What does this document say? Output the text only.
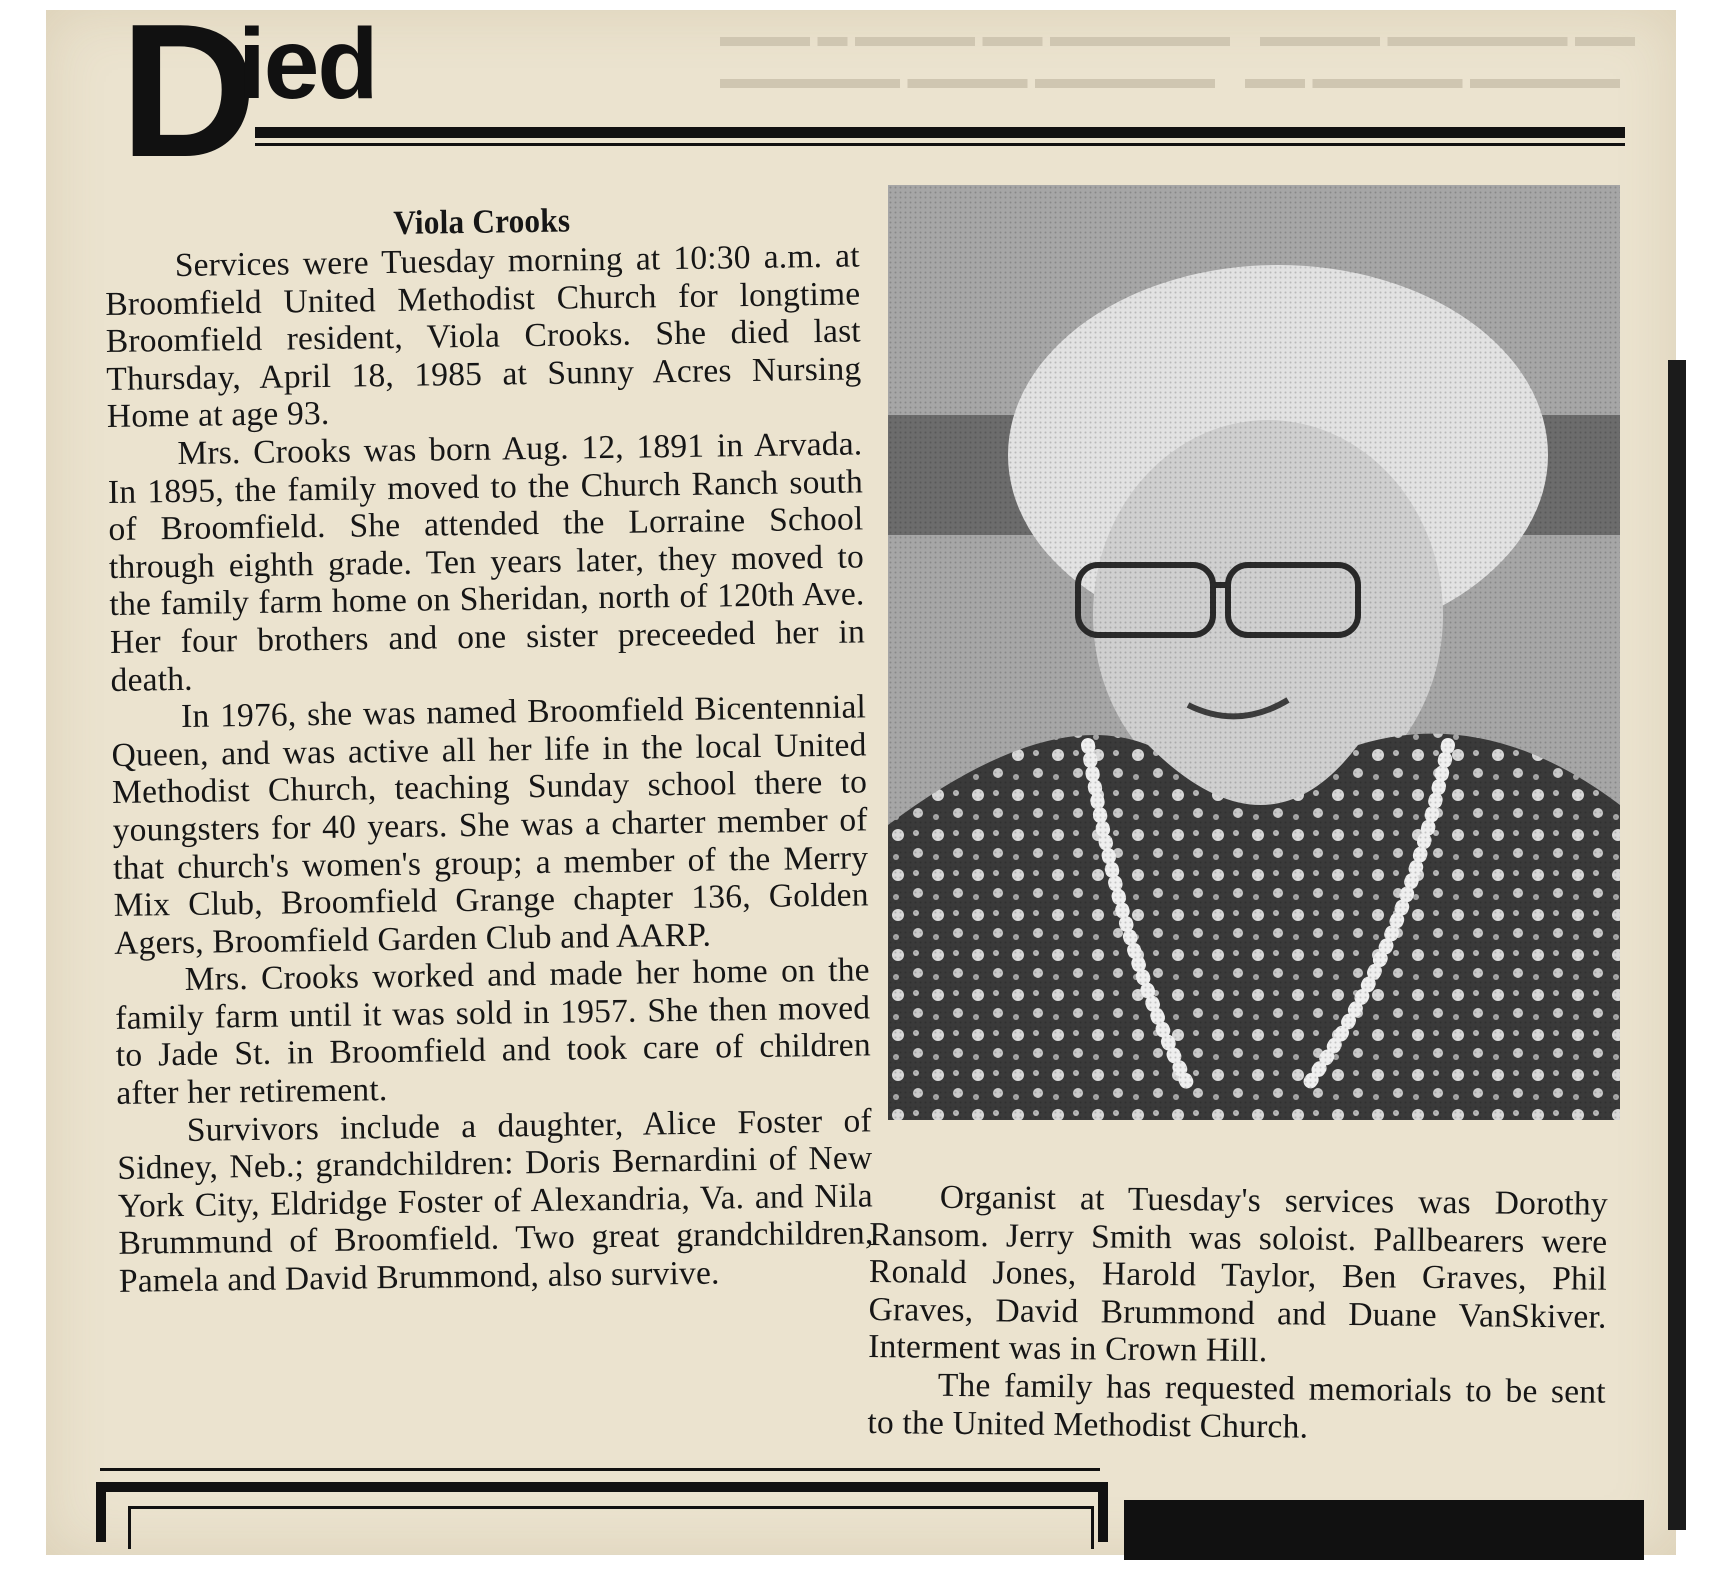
▬▬▬ ▬ ▬▬▬▬ ▬▬ ▬▬▬▬▬▬    ▬▬▬▬ ▬▬▬▬▬▬ ▬▬
▬▬▬▬▬▬ ▬▬▬▬ ▬▬▬▬▬▬    ▬▬ ▬▬▬▬▬ ▬▬▬▬▬
D
ied
Viola Crooks

Services were Tuesday morning at 10:30 a.m. at Broomfield United Methodist Church for longtime Broomfield resident, Viola Crooks. She died last Thursday, April 18, 1985 at Sunny Acres Nursing Home at age 93.

Mrs. Crooks was born Aug. 12, 1891 in Arvada. In 1895, the family moved to the Church Ranch south of Broomfield. She attended the Lorraine School through eighth grade. Ten years later, they moved to the family farm home on Sheridan, north of 120th Ave. Her four brothers and one sister preceeded her in death.

In 1976, she was named Broomfield Bicentennial Queen, and was active all her life in the local United Methodist Church, teaching Sunday school there to youngsters for 40 years. She was a charter member of that church's women's group; a member of the Merry Mix Club, Broomfield Grange chapter 136, Golden Agers, Broomfield Garden Club and AARP.

Mrs. Crooks worked and made her home on the family farm until it was sold in 1957. She then moved to Jade St. in Broomfield and took care of children after her retirement.

Survivors include a daughter, Alice Foster of Sidney, Neb.; grandchildren: Doris Bernardini of New York City, Eldridge Foster of Alexandria, Va. and Nila Brummund of Broomfield. Two great grandchildren, Pamela and David Brummond, also survive.

Organist at Tuesday's services was Dorothy Ransom. Jerry Smith was soloist. Pallbearers were Ronald Jones, Harold Taylor, Ben Graves, Phil Graves, David Brummond and Duane VanSkiver. Interment was in Crown Hill.

The family has requested memorials to be sent to the United Methodist Church.
